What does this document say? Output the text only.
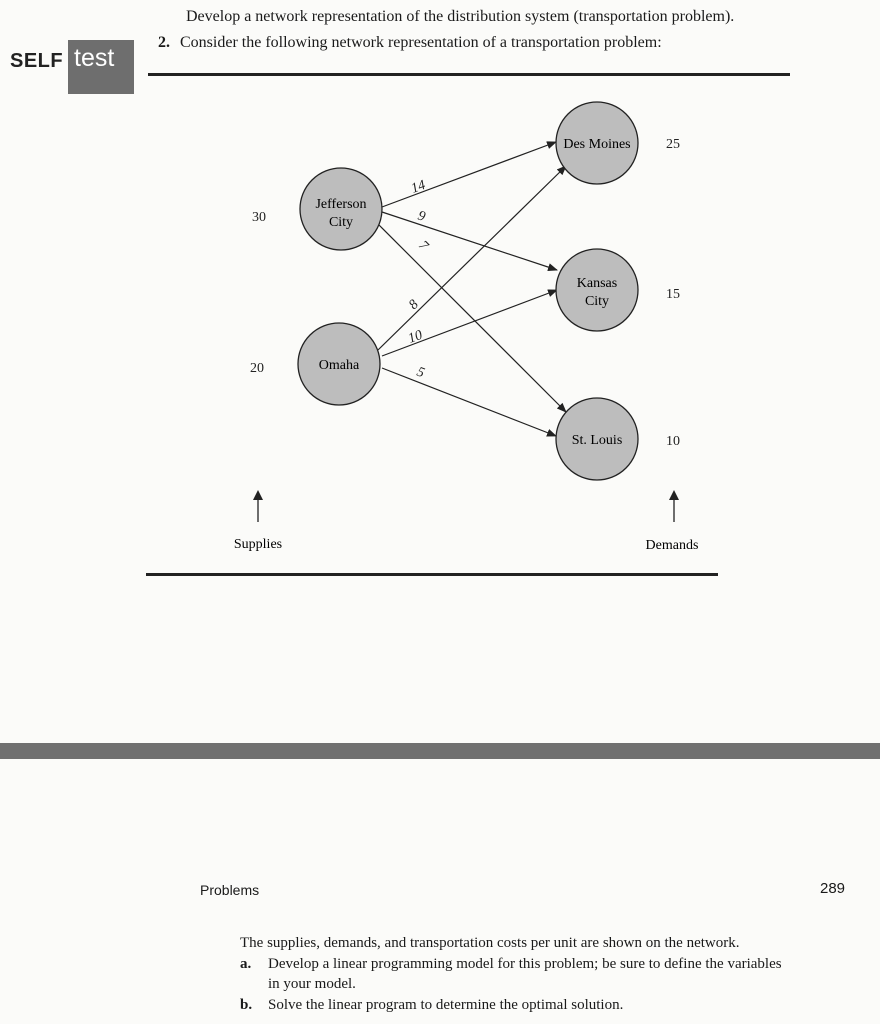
Develop a network representation of the distribution system (transportation problem).
2. Consider the following network representation of a transportation problem:
SELF test
14
9
7
8
10
5
Jefferson
City
Omaha
Des Moines
Kansas
City
St. Louis
30
20
25
15
10
Supplies	Demands
Problems	289
The supplies, demands, and transportation costs per unit are shown on the network.
a. Develop a linear programming model for this problem; be sure to define the variables
in your model.
b. Solve the linear program to determine the optimal solution.
